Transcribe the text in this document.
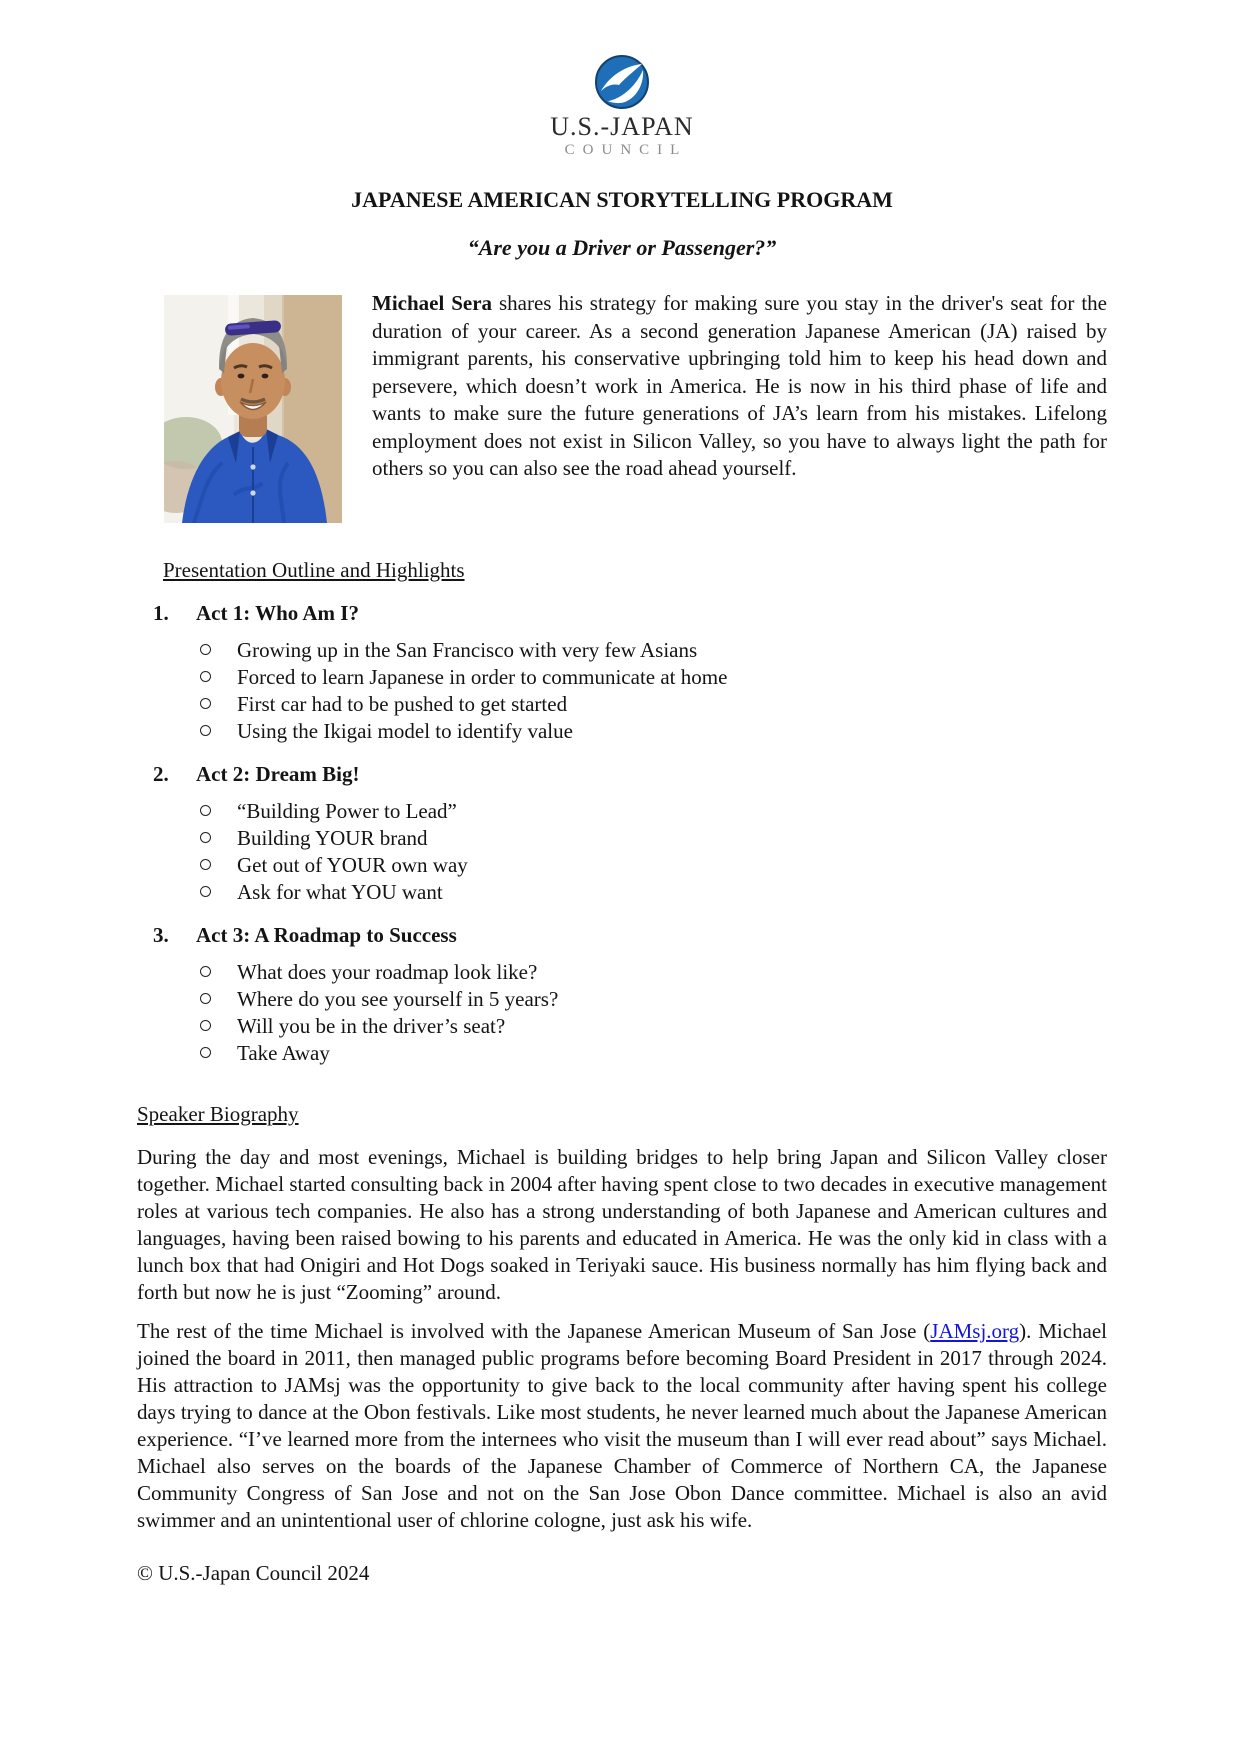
U.S.-JAPAN
COUNCIL
JAPANESE AMERICAN STORYTELLING PROGRAM
“Are you a Driver or Passenger?”
Michael Sera shares his strategy for making sure you stay in the driver's seat for the duration of your career. As a second generation Japanese American (JA) raised by immigrant parents, his conservative upbringing told him to keep his head down and persevere, which doesn’t work in America. He is now in his third phase of life and wants to make sure the future generations of JA’s learn from his mistakes. Lifelong employment does not exist in Silicon Valley, so you have to always light the path for others so you can also see the road ahead yourself.
Presentation Outline and Highlights
1.	Act 1: Who Am I?
Growing up in the San Francisco with very few Asians
Forced to learn Japanese in order to communicate at home
First car had to be pushed to get started
Using the Ikigai model to identify value
2.	Act 2: Dream Big!
“Building Power to Lead”
Building YOUR brand
Get out of YOUR own way
Ask for what YOU want
3.	Act 3: A Roadmap to Success
What does your roadmap look like?
Where do you see yourself in 5 years?
Will you be in the driver’s seat?
Take Away
Speaker Biography

During the day and most evenings, Michael is building bridges to help bring Japan and Silicon Valley closer together. Michael started consulting back in 2004 after having spent close to two decades in executive management roles at various tech companies. He also has a strong understanding of both Japanese and American cultures and languages, having been raised bowing to his parents and educated in America. He was the only kid in class with a lunch box that had Onigiri and Hot Dogs soaked in Teriyaki sauce. His business normally has him flying back and forth but now he is just “Zooming” around.

The rest of the time Michael is involved with the Japanese American Museum of San Jose (JAMsj.org). Michael joined the board in 2011, then managed public programs before becoming Board President in 2017 through 2024. His attraction to JAMsj was the opportunity to give back to the local community after having spent his college days trying to dance at the Obon festivals. Like most students, he never learned much about the Japanese American experience. “I’ve learned more from the internees who visit the museum than I will ever read about” says Michael. Michael also serves on the boards of the Japanese Chamber of Commerce of Northern CA, the Japanese Community Congress of San Jose and not on the San Jose Obon Dance committee. Michael is also an avid swimmer and an unintentional user of chlorine cologne, just ask his wife.

© U.S.-Japan Council 2024
